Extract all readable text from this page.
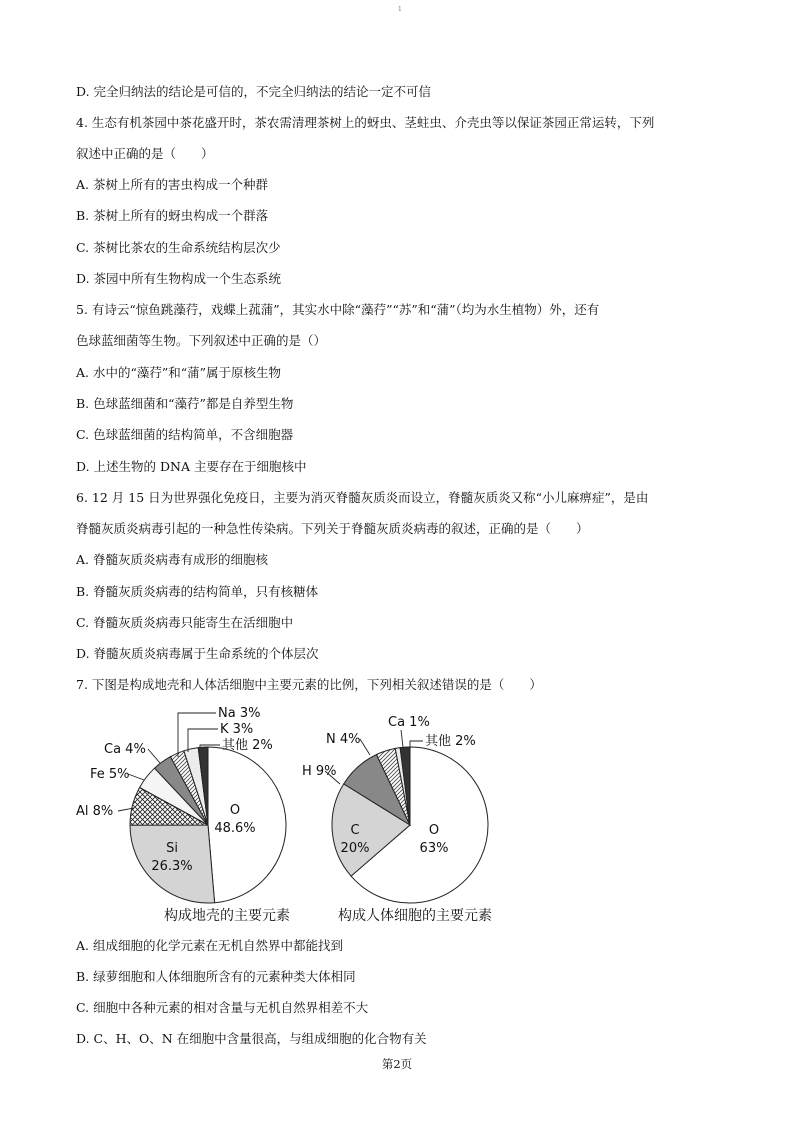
1
D. 完全归纳法的结论是可信的，不完全归纳法的结论一定不可信
4. 生态有机茶园中茶花盛开时，茶农需清理茶树上的蚜虫、茎蛀虫、介壳虫等以保证茶园正常运转，下列
叙述中正确的是（　　）
A. 茶树上所有的害虫构成一个种群
B. 茶树上所有的蚜虫构成一个群落
C. 茶树比茶农的生命系统结构层次少
D. 茶园中所有生物构成一个生态系统
5. 有诗云“惊鱼跳藻荇，戏蝶上菰蒲”，其实水中除“藻荇”“苏”和“蒲”（均为水生植物）外，还有
色球蓝细菌等生物。下列叙述中正确的是（）
A. 水中的“藻荇”和“蒲”属于原核生物
B. 色球蓝细菌和“藻荇”都是自养型生物
C. 色球蓝细菌的结构简单，不含细胞器
D. 上述生物的 DNA 主要存在于细胞核中
6. 12 月 15 日为世界强化免疫日，主要为消灭脊髓灰质炎而设立，脊髓灰质炎又称“小儿麻痹症”，是由
脊髓灰质炎病毒引起的一种急性传染病。下列关于脊髓灰质炎病毒的叙述，正确的是（　　）
A. 脊髓灰质炎病毒有成形的细胞核
B. 脊髓灰质炎病毒的结构简单，只有核糖体
C. 脊髓灰质炎病毒只能寄生在活细胞中
D. 脊髓灰质炎病毒属于生命系统的个体层次
7. 下图是构成地壳和人体活细胞中主要元素的比例，下列相关叙述错误的是（　　）
O
48.6%
Si
26.3%
Al 8%
Fe 5%
Ca 4%
Na 3%
K 3%
其他 2%
构成地壳的主要元素
O
63%
C
20%
H 9%
N 4%
Ca 1%
其他 2%
构成人体细胞的主要元素
A. 组成细胞的化学元素在无机自然界中都能找到
B. 绿萝细胞和人体细胞所含有的元素种类大体相同
C. 细胞中各种元素的相对含量与无机自然界相差不大
D. C、H、O、N 在细胞中含量很高，与组成细胞的化合物有关
第2页
